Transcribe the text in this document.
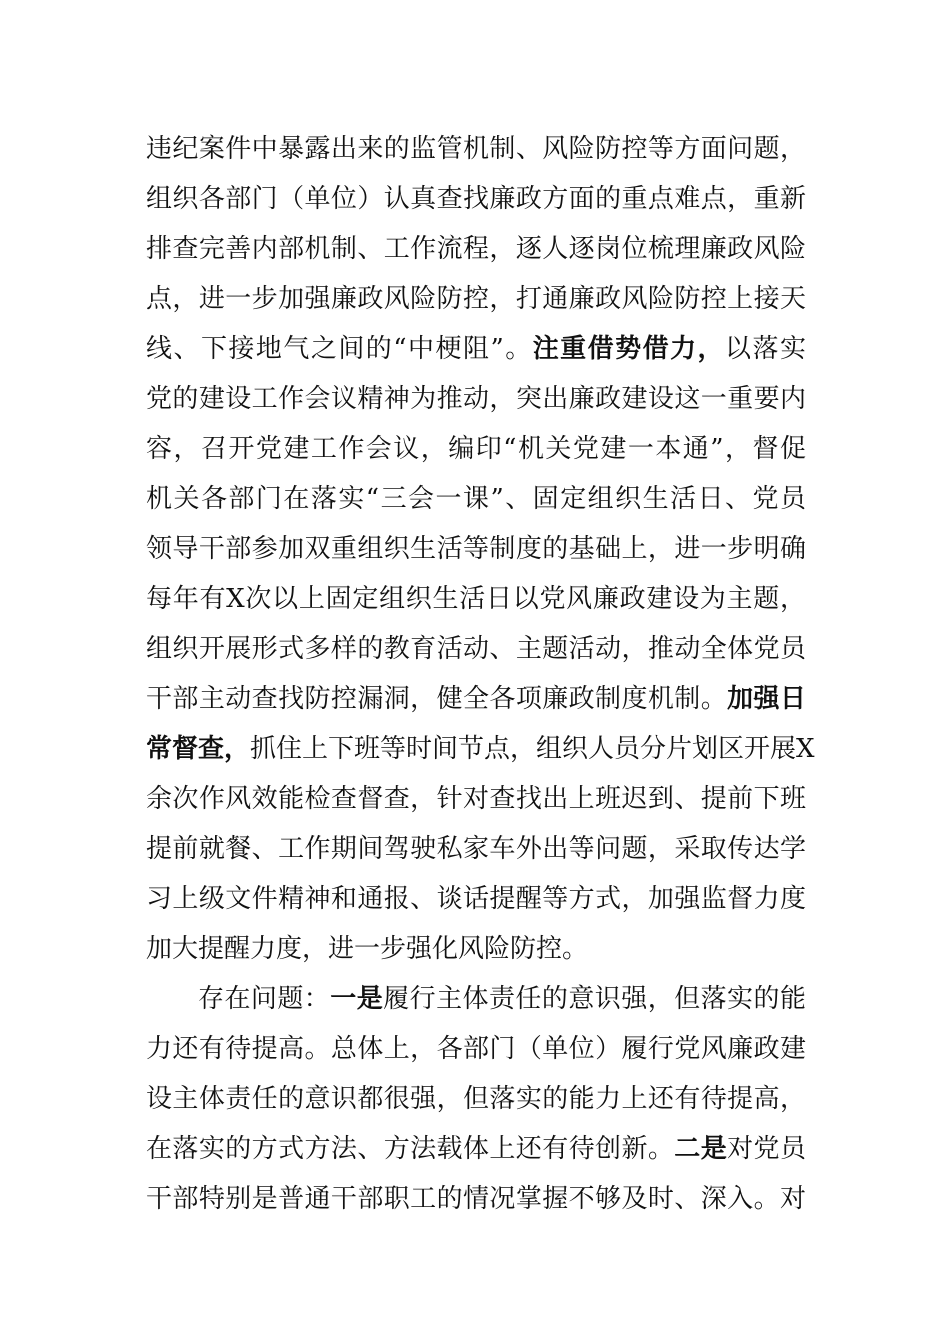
违纪案件中暴露出来的监管机制、风险防控等方面问题，
组织各部门（单位）认真查找廉政方面的重点难点，重新
排查完善内部机制、工作流程，逐人逐岗位梳理廉政风险
点，进一步加强廉政风险防控，打通廉政风险防控上接天
线、下接地气之间的“中梗阻”。注重借势借力，以落实
党的建设工作会议精神为推动，突出廉政建设这一重要内
容，召开党建工作会议，编印“机关党建一本通”，督促
机关各部门在落实“三会一课”、固定组织生活日、党员
领导干部参加双重组织生活等制度的基础上，进一步明确
每年有X次以上固定组织生活日以党风廉政建设为主题，
组织开展形式多样的教育活动、主题活动，推动全体党员
干部主动查找防控漏洞，健全各项廉政制度机制。加强日
常督查，抓住上下班等时间节点，组织人员分片划区开展X
余次作风效能检查督查，针对查找出上班迟到、提前下班
提前就餐、工作期间驾驶私家车外出等问题，采取传达学
习上级文件精神和通报、谈话提醒等方式，加强监督力度
加大提醒力度，进一步强化风险防控。
存在问题：一是履行主体责任的意识强，但落实的能
力还有待提高。总体上，各部门（单位）履行党风廉政建
设主体责任的意识都很强，但落实的能力上还有待提高，
在落实的方式方法、方法载体上还有待创新。二是对党员
干部特别是普通干部职工的情况掌握不够及时、深入。对
